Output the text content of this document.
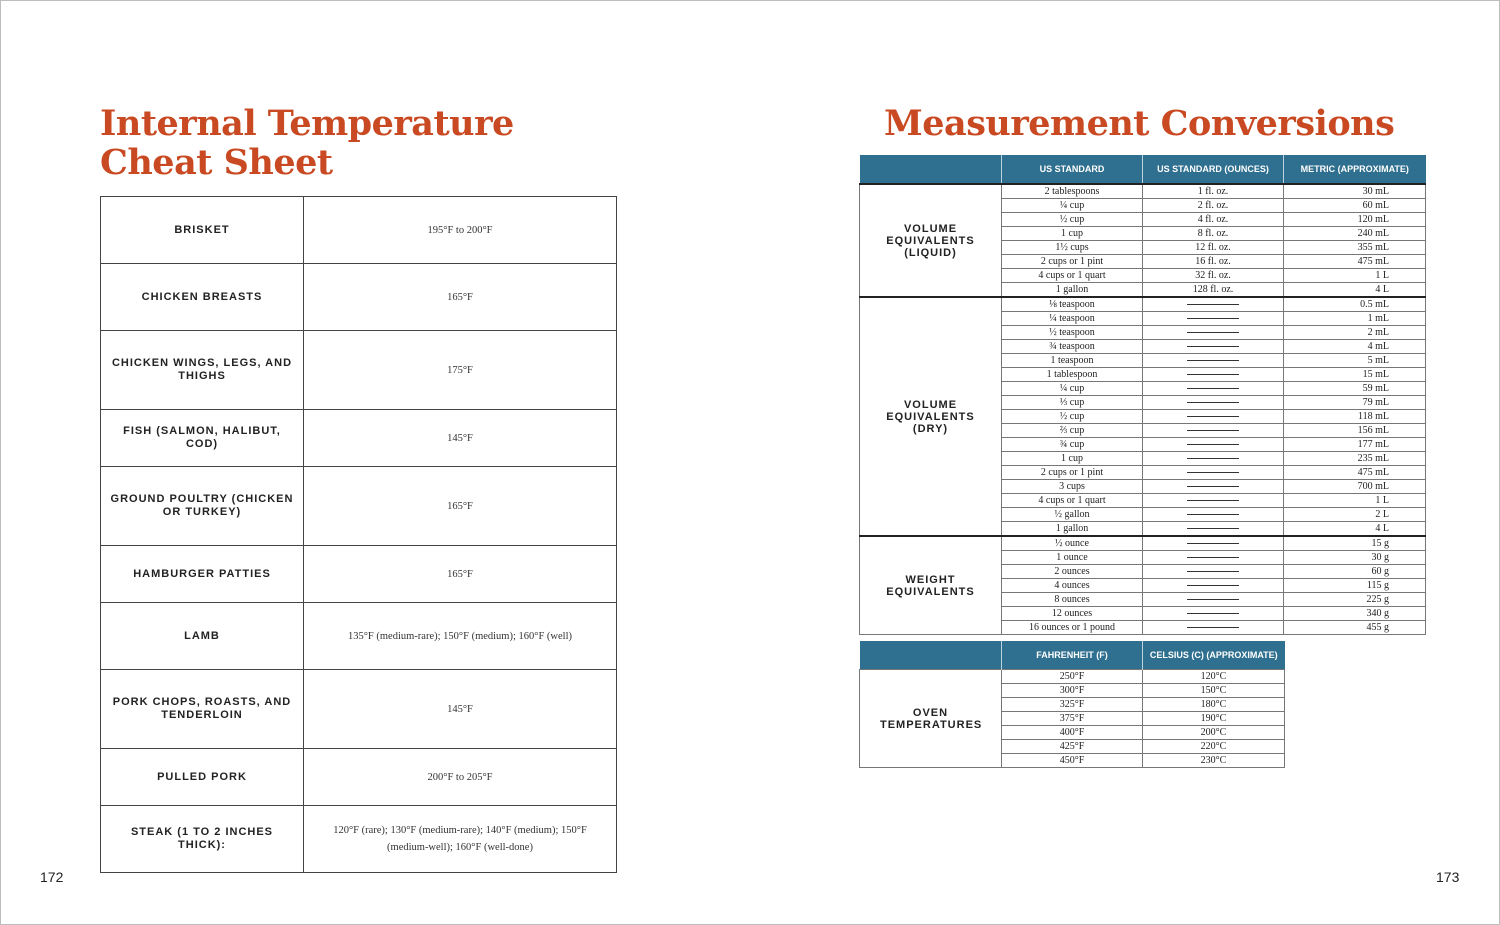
Internal Temperature
Cheat Sheet
BRISKET	195°F to 200°F
CHICKEN BREASTS	165°F
CHICKEN WINGS, LEGS, AND THIGHS	175°F
FISH (SALMON, HALIBUT, COD)	145°F
GROUND POULTRY (CHICKEN OR TURKEY)	165°F
HAMBURGER PATTIES	165°F
LAMB	135°F (medium-rare); 150°F (medium); 160°F (well)
PORK CHOPS, ROASTS, AND TENDERLOIN	145°F
PULLED PORK	200°F to 205°F
STEAK (1 TO 2 INCHES THICK):	120°F (rare); 130°F (medium-rare); 140°F (medium); 150°F (medium-well); 160°F (well-done)
172
Measurement Conversions
	US STANDARD	US STANDARD (OUNCES)	METRIC (APPROXIMATE)
VOLUME EQUIVALENTS (LIQUID)	2 tablespoons	1 fl. oz.	30 mL
	¼ cup	2 fl. oz.	60 mL
	½ cup	4 fl. oz.	120 mL
	1 cup	8 fl. oz.	240 mL
	1½ cups	12 fl. oz.	355 mL
	2 cups or 1 pint	16 fl. oz.	475 mL
	4 cups or 1 quart	32 fl. oz.	1 L
	1 gallon	128 fl. oz.	4 L
VOLUME EQUIVALENTS (DRY)	⅛ teaspoon		0.5 mL
	¼ teaspoon		1 mL
	½ teaspoon		2 mL
	¾ teaspoon		4 mL
	1 teaspoon		5 mL
	1 tablespoon		15 mL
	¼ cup		59 mL
	⅓ cup		79 mL
	½ cup		118 mL
	⅔ cup		156 mL
	¾ cup		177 mL
	1 cup		235 mL
	2 cups or 1 pint		475 mL
	3 cups		700 mL
	4 cups or 1 quart		1 L
	½ gallon		2 L
	1 gallon		4 L
WEIGHT EQUIVALENTS	½ ounce		15 g
	1 ounce		30 g
	2 ounces		60 g
	4 ounces		115 g
	8 ounces		225 g
	12 ounces		340 g
	16 ounces or 1 pound		455 g
	FAHRENHEIT (F)	CELSIUS (C) (APPROXIMATE)
OVEN TEMPERATURES	250°F	120°C
	300°F	150°C
	325°F	180°C
	375°F	190°C
	400°F	200°C
	425°F	220°C
	450°F	230°C
173
